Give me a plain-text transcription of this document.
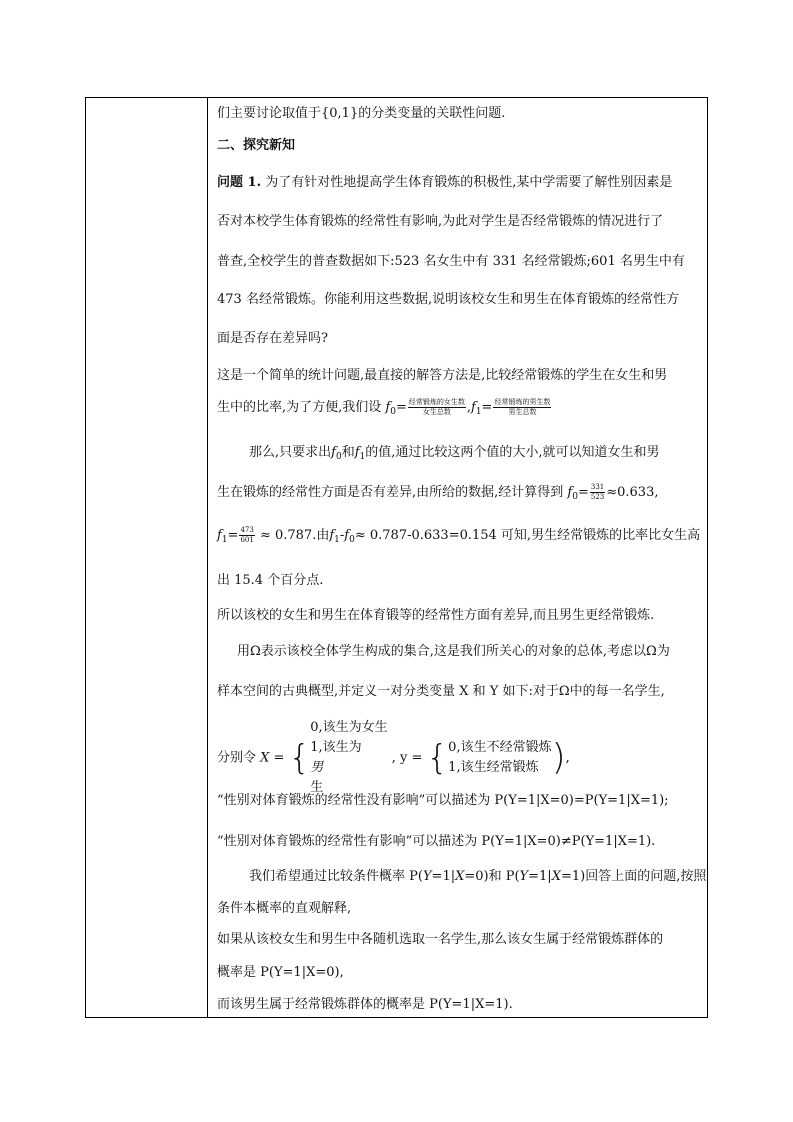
们主要讨论取值于{0,1}的分类变量的关联性问题.
二、探究新知
问题 1. 为了有针对性地提高学生体育锻炼的积极性,某中学需要了解性别因素是
否对本校学生体育锻炼的经常性有影响,为此对学生是否经常锻炼的情况进行了
普查,全校学生的普查数据如下:523 名女生中有 331 名经常锻炼;601 名男生中有
473 名经常锻炼。你能利用这些数据,说明该校女生和男生在体育锻炼的经常性方
面是否存在差异吗?
这是一个简单的统计问题,最直接的解答方法是,比较经常锻炼的学生在女生和男
生中的比率,为了方便,我们设 $f_0= \frac{\text{经常锻炼的女生数}}{\text{女生总数}} ,f_1= \frac{\text{经常锻炼的男生数}}{\text{男生总数}}$
那么,只要求出$f_0$和$f_1$的值,通过比较这两个值的大小,就可以知道女生和男
生在锻炼的经常性方面是否有差异,由所给的数据,经计算得到 $f_0= \frac{331}{523} \approx 0.633$,
$f_1= \frac{473}{601} \approx 0.787$.由$f_1-f_0\approx 0.787-0.633=0.154$ 可知,男生经常锻炼的比率比女生高
出 15.4 个百分点.
所以该校的女生和男生在体育锻等的经常性方面有差异,而且男生更经常锻炼.
用Ω表示该校全体学生构成的集合,这是我们所关心的对象的总体,考虑以Ω为
样本空间的古典概型,并定义一对分类变量 X 和 Y 如下:对于Ω中的每一名学生,
分别令 X = {
0,该生为女生
1,该生为
男
生
, y = { 0,该生不经常锻炼
1,该生经常锻炼 ),
“性别对体育锻炼的经常性没有影响”可以描述为 P(Y=1|X=0)=P(Y=1|X=1);
“性别对体育锻炼的经常性有影响”可以描述为 P(Y=1|X=0)≠P(Y=1|X=1).
我们希望通过比较条件概率 P(Y=1|X=0)和 P(Y=1|X=1)回答上面的问题,按照
条件本概率的直观解释,
如果从该校女生和男生中各随机选取一名学生,那么该女生属于经常锻炼群体的
概率是 P(Y=1|X=0),
而该男生属于经常锻炼群体的概率是 P(Y=1|X=1).
